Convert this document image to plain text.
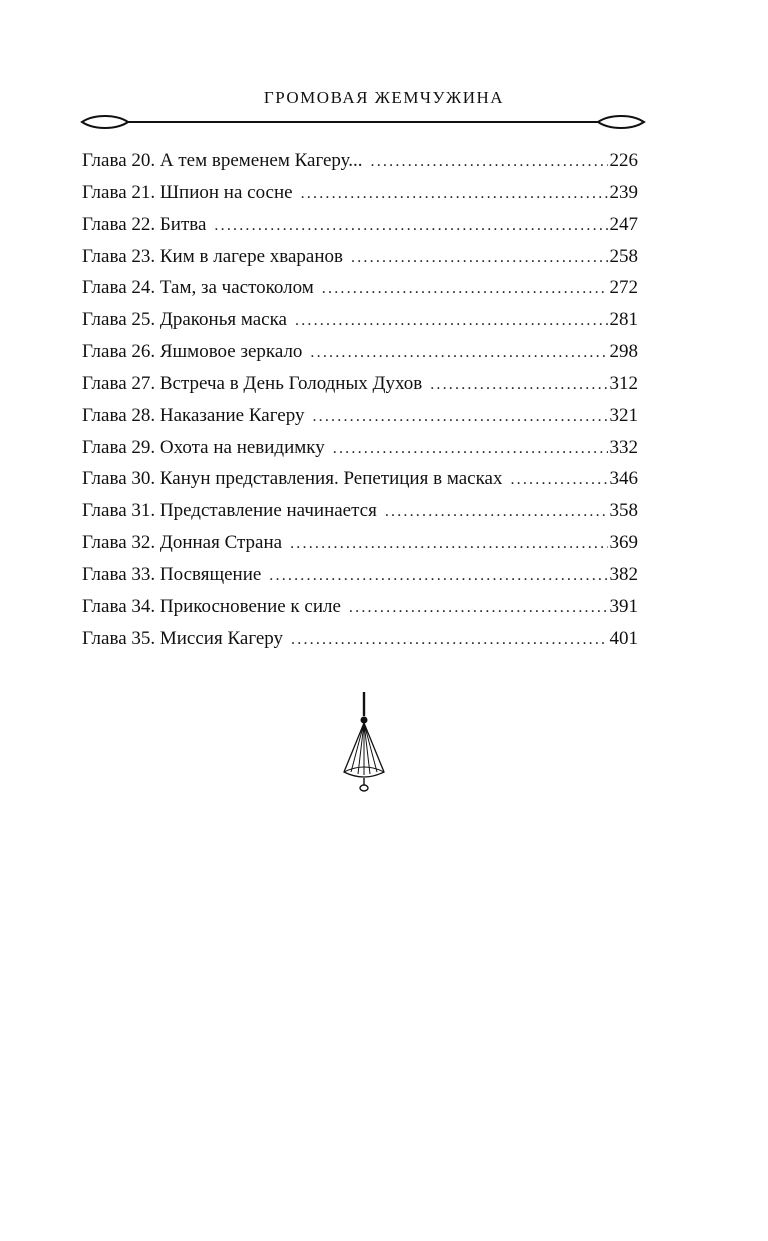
ГРОМОВАЯ ЖЕМЧУЖИНА
Глава 20. А тем временем Кагеру... .....	226
Глава 21. Шпион на сосне .....	239
Глава 22. Битва .....	247
Глава 23. Ким в лагере хваранов .....	258
Глава 24. Там, за частоколом .....	272
Глава 25. Драконья маска .....	281
Глава 26. Яшмовое зеркало .....	298
Глава 27. Встреча в День Голодных Духов .....	312
Глава 28. Наказание Кагеру .....	321
Глава 29. Охота на невидимку .....	332
Глава 30. Канун представления. Репетиция в масках .....	346
Глава 31. Представление начинается .....	358
Глава 32. Донная Страна .....	369
Глава 33. Посвящение .....	382
Глава 34. Прикосновение к силе .....	391
Глава 35. Миссия Кагеру .....	401
